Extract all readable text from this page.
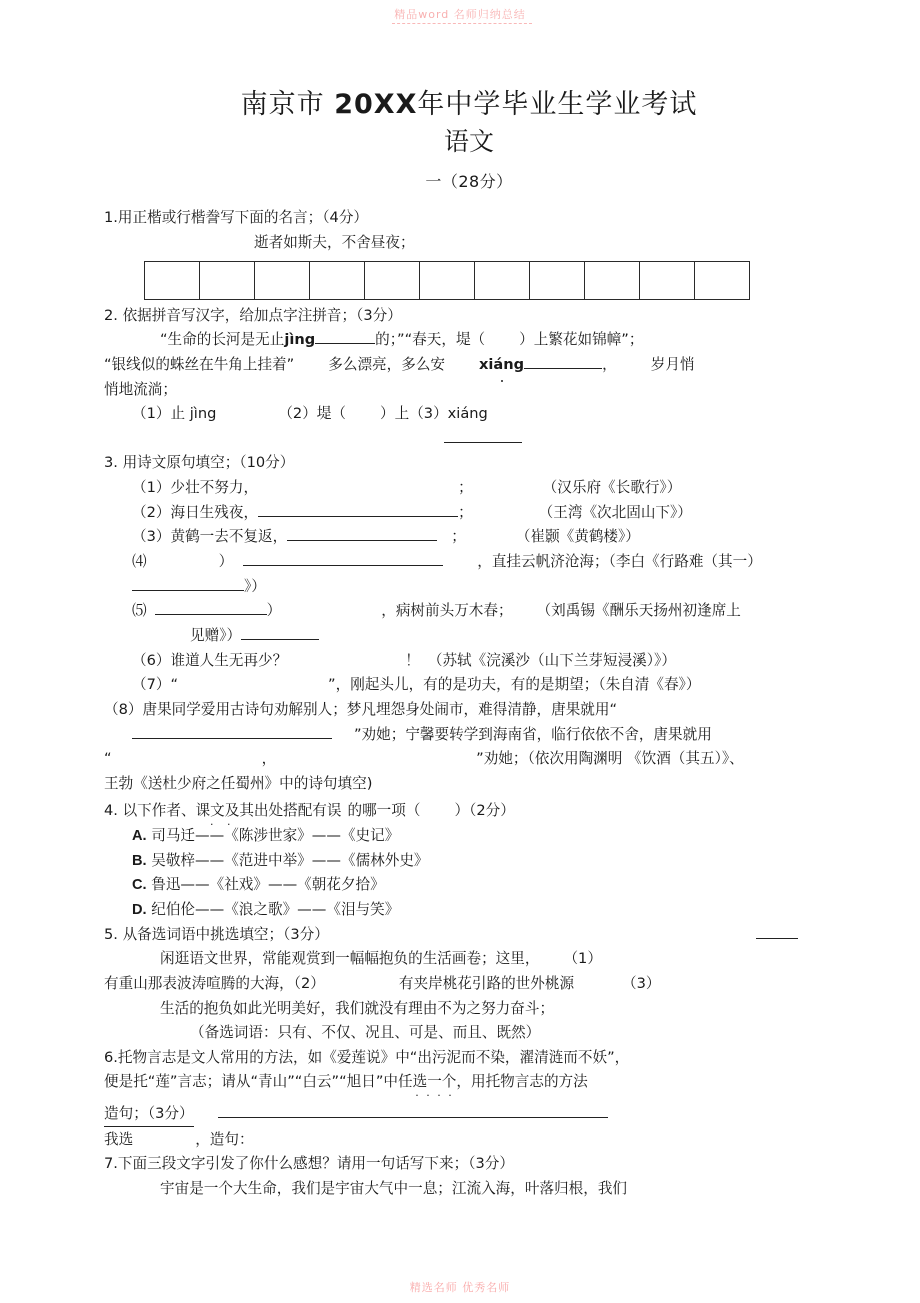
精品word 名师归纳总结
南京市 20XX年中学毕业生学业考试
语文
一（28分）
1.用正楷或行楷誊写下面的名言；（4分）
逝者如斯夫，不舍昼夜；

2. 依据拼音写汉字，给加点字注拼音；（3分）
“生命的长河是无止jìng	的；”“春天，堤（ ）上繁花如锦幛”；
“银线似的蛛丝在牛角上挂着” 多么漂亮，多么安 xiáng	， 岁月悄
悄地流淌；
（1）止 jìng	（2）堤（ ）上（3）xiáng
3. 用诗文原句填空；（10分）
（1） 少壮不努力，	；	（汉乐府《长歌行》）
（2） 海日生残夜，	；	（王湾《次北固山下》）
（3） 黄鹤一去不复返，	；	（崔颢《黄鹤楼》）
⑷	）	，直挂云帆济沧海；（李白《行路难（其一）
》）
⑸	）	，病树前头万木春； （刘禹锡《酬乐天扬州初逢席上
见赠》）
（6）谁道人生无再少？	！ （苏轼《浣溪沙（山下兰芽短浸溪）》）
（7）“	”，刚起头儿，有的是功夫，有的是期望；（朱自清《春》）
（8）唐果同学爱用古诗句劝解别人；梦凡埋怨身处闹市，难得清静，唐果就用“
”劝她；宁馨要转学到海南省，临行依依不舍，唐果就用
“	，	”劝她；（依次用陶渊明 《饮酒（其五）》、
王勃《送杜少府之任蜀州》中的诗句填空)
4. 以下作者、课文及其出处搭配有误 · · 的哪一项（ ）（2分）
A. 司马迁——《陈涉世家》——《史记》
B. 吴敬梓——《范进中举》——《儒林外史》
C. 鲁迅——《社戏》——《朝花夕拾》
D. 纪伯伦——《浪之歌》——《泪与笑》
5. 从备选词语中挑选填空；（3分）
闲逛语文世界，常能观赏到一幅幅抱负的生活画卷；这里， （1）
有重山那表波涛喧腾的大海，（2）	有夹岸桃花引路的世外桃源	（3）
生活的抱负如此光明美好，我们就没有理由不为之努力奋斗；
（备选词语：只有、不仅、况且、可是、而且、既然）
6.托物言志是文人常用的方法，如《爱莲说》中“出污泥而不染，濯清涟而不妖”，
便是托“莲”言志；请从“青山”“白云”“旭日”中任选一个 · · · ·，用托物言志的方法
造句；（3分）
我选	，造句：
7.下面三段文字引发了你什么感想？请用一句话写下来；（3分）
宇宙是一个大生命，我们是宇宙大气中一息；江流入海，叶落归根，我们
精选名师 优秀名师
